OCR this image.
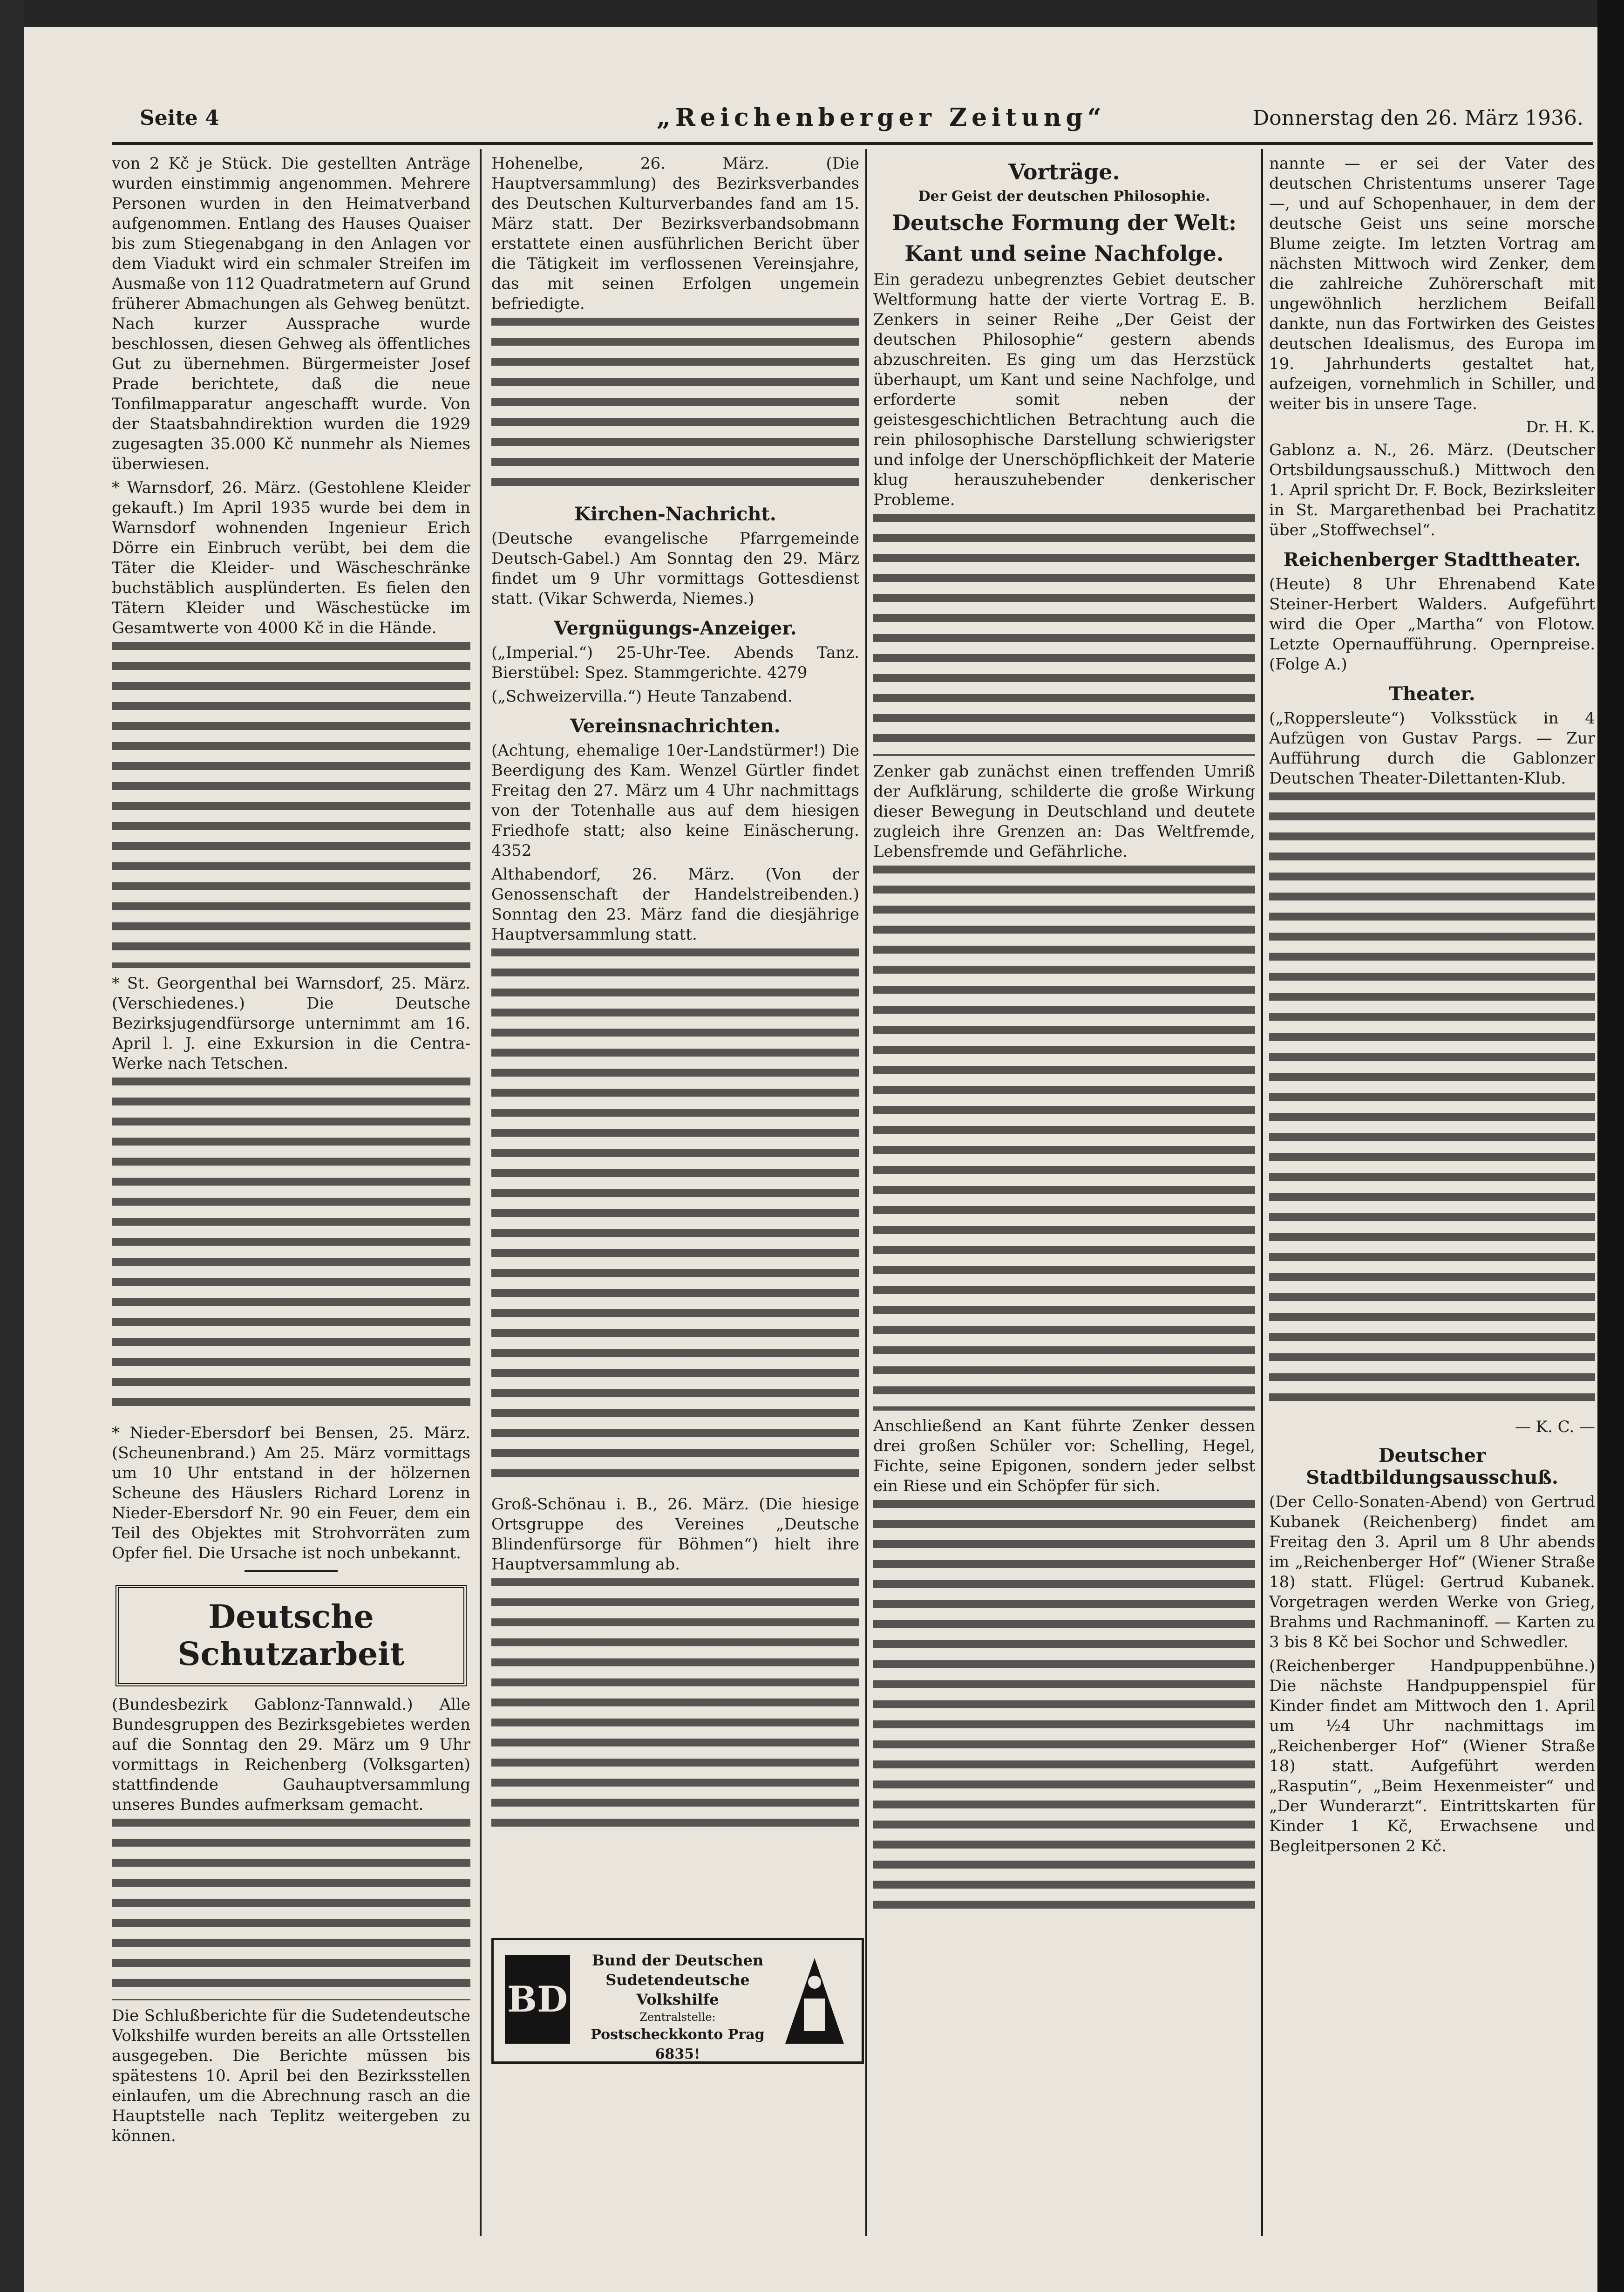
Seite 4	„Reichenberger Zeitung“	Donnerstag den 26. März 1936.

von 2 Kč je Stück. Die gestellten Anträge wurden einstimmig angenommen. Mehrere Personen wurden in den Heimatverband aufgenommen. Entlang des Hauses Quaiser bis zum Stiegenabgang in den Anlagen vor dem Viadukt wird ein schmaler Streifen im Ausmaße von 112 Quadratmetern auf Grund früherer Abmachungen als Gehweg benützt. Nach kurzer Aussprache wurde beschlossen, diesen Gehweg als öffentliches Gut zu übernehmen. Bürgermeister Josef Prade berichtete, daß die neue Tonfilmapparatur angeschafft wurde. Von der Staatsbahndirektion wurden die 1929 zugesagten 35.000 Kč nunmehr als Niemes überwiesen.

* Warnsdorf, 26. März. (Gestohlene Kleider gekauft.) Im April 1935 wurde bei dem in Warnsdorf wohnenden Ingenieur Erich Dörre ein Einbruch verübt, bei dem die Täter die Kleider- und Wäscheschränke buchstäblich ausplünderten. Es fielen den Tätern Kleider und Wäschestücke im Gesamtwerte von 4000 Kč in die Hände.

* St. Georgenthal bei Warnsdorf, 25. März. (Verschiedenes.) Die Deutsche Bezirksjugendfürsorge unternimmt am 16. April l. J. eine Exkursion in die Centra-Werke nach Tetschen.

* Nieder-Ebersdorf bei Bensen, 25. März. (Scheunenbrand.) Am 25. März vormittags um 10 Uhr entstand in der hölzernen Scheune des Häuslers Richard Lorenz in Nieder-Ebersdorf Nr. 90 ein Feuer, dem ein Teil des Objektes mit Strohvorräten zum Opfer fiel. Die Ursache ist noch unbekannt.

Deutsche Schutzarbeit

(Bundesbezirk Gablonz-Tannwald.) Alle Bundesgruppen des Bezirksgebietes werden auf die Sonntag den 29. März um 9 Uhr vormittags in Reichenberg (Volksgarten) stattfindende Gauhauptversammlung unseres Bundes aufmerksam gemacht.

Die Schlußberichte für die Sudetendeutsche Volkshilfe wurden bereits an alle Ortsstellen ausgegeben. Die Berichte müssen bis spätestens 10. April bei den Bezirksstellen einlaufen, um die Abrechnung rasch an die Hauptstelle nach Teplitz weitergeben zu können.

Hohenelbe, 26. März. (Die Hauptversammlung) des Bezirksverbandes des Deutschen Kulturverbandes fand am 15. März statt. Der Bezirksverbandsobmann erstattete einen ausführlichen Bericht über die Tätigkeit im verflossenen Vereinsjahre, das mit seinen Erfolgen ungemein befriedigte.

Kirchen-Nachricht.

(Deutsche evangelische Pfarrgemeinde Deutsch-Gabel.) Am Sonntag den 29. März findet um 9 Uhr vormittags Gottesdienst statt. (Vikar Schwerda, Niemes.)

Vergnügungs-Anzeiger.

(„Imperial.“) 25-Uhr-Tee. Abends Tanz. Bierstübel: Spez. Stammgerichte. 4279

(„Schweizervilla.“) Heute Tanzabend.

Vereinsnachrichten.

(Achtung, ehemalige 10er-Landstürmer!) Die Beerdigung des Kam. Wenzel Gürtler findet Freitag den 27. März um 4 Uhr nachmittags von der Totenhalle aus auf dem hiesigen Friedhofe statt; also keine Einäscherung. 4352

Althabendorf, 26. März. (Von der Genossenschaft der Handelstreibenden.) Sonntag den 23. März fand die diesjährige Hauptversammlung statt.

Groß-Schönau i. B., 26. März. (Die hiesige Ortsgruppe des Vereines „Deutsche Blindenfürsorge für Böhmen“) hielt ihre Hauptversammlung ab.

BD
Bund der Deutschen
Sudetendeutsche Volkshilfe
Zentralstelle:
Postscheckkonto Prag 6835!
Vorträge.
Der Geist der deutschen Philosophie.
Deutsche Formung der Welt:
Kant und seine Nachfolge.

Ein geradezu unbegrenztes Gebiet deutscher Weltformung hatte der vierte Vortrag E. B. Zenkers in seiner Reihe „Der Geist der deutschen Philosophie“ gestern abends abzuschreiten. Es ging um das Herzstück überhaupt, um Kant und seine Nachfolge, und erforderte somit neben der geistesgeschichtlichen Betrachtung auch die rein philosophische Darstellung schwierigster und infolge der Unerschöpflichkeit der Materie klug herauszuhebender denkerischer Probleme.

Zenker gab zunächst einen treffenden Umriß der Aufklärung, schilderte die große Wirkung dieser Bewegung in Deutschland und deutete zugleich ihre Grenzen an: Das Weltfremde, Lebensfremde und Gefährliche.

Anschließend an Kant führte Zenker dessen drei großen Schüler vor: Schelling, Hegel, Fichte, seine Epigonen, sondern jeder selbst ein Riese und ein Schöpfer für sich.

nannte — er sei der Vater des deutschen Christentums unserer Tage —, und auf Schopenhauer, in dem der deutsche Geist uns seine morsche Blume zeigte. Im letzten Vortrag am nächsten Mittwoch wird Zenker, dem die zahlreiche Zuhörerschaft mit ungewöhnlich herzlichem Beifall dankte, nun das Fortwirken des Geistes deutschen Idealismus, des Europa im 19. Jahrhunderts gestaltet hat, aufzeigen, vornehmlich in Schiller, und weiter bis in unsere Tage.

Dr. H. K.

Gablonz a. N., 26. März. (Deutscher Ortsbildungsausschuß.) Mittwoch den 1. April spricht Dr. F. Bock, Bezirksleiter in St. Margarethenbad bei Prachatitz über „Stoffwechsel“.

Reichenberger Stadttheater.

(Heute) 8 Uhr Ehrenabend Kate Steiner-Herbert Walders. Aufgeführt wird die Oper „Martha“ von Flotow. Letzte Opernaufführung. Opernpreise. (Folge A.)

Theater.

(„Roppersleute“) Volksstück in 4 Aufzügen von Gustav Pargs. — Zur Aufführung durch die Gablonzer Deutschen Theater-Dilettanten-Klub.

— K. C. —
Deutscher Stadtbildungsausschuß.

(Der Cello-Sonaten-Abend) von Gertrud Kubanek (Reichenberg) findet am Freitag den 3. April um 8 Uhr abends im „Reichenberger Hof“ (Wiener Straße 18) statt. Flügel: Gertrud Kubanek. Vorgetragen werden Werke von Grieg, Brahms und Rachmaninoff. — Karten zu 3 bis 8 Kč bei Sochor und Schwedler.

(Reichenberger Handpuppenbühne.) Die nächste Handpuppenspiel für Kinder findet am Mittwoch den 1. April um ½4 Uhr nachmittags im „Reichenberger Hof“ (Wiener Straße 18) statt. Aufgeführt werden „Rasputin“, „Beim Hexenmeister“ und „Der Wunderarzt“. Eintrittskarten für Kinder 1 Kč, Erwachsene und Begleitpersonen 2 Kč.
